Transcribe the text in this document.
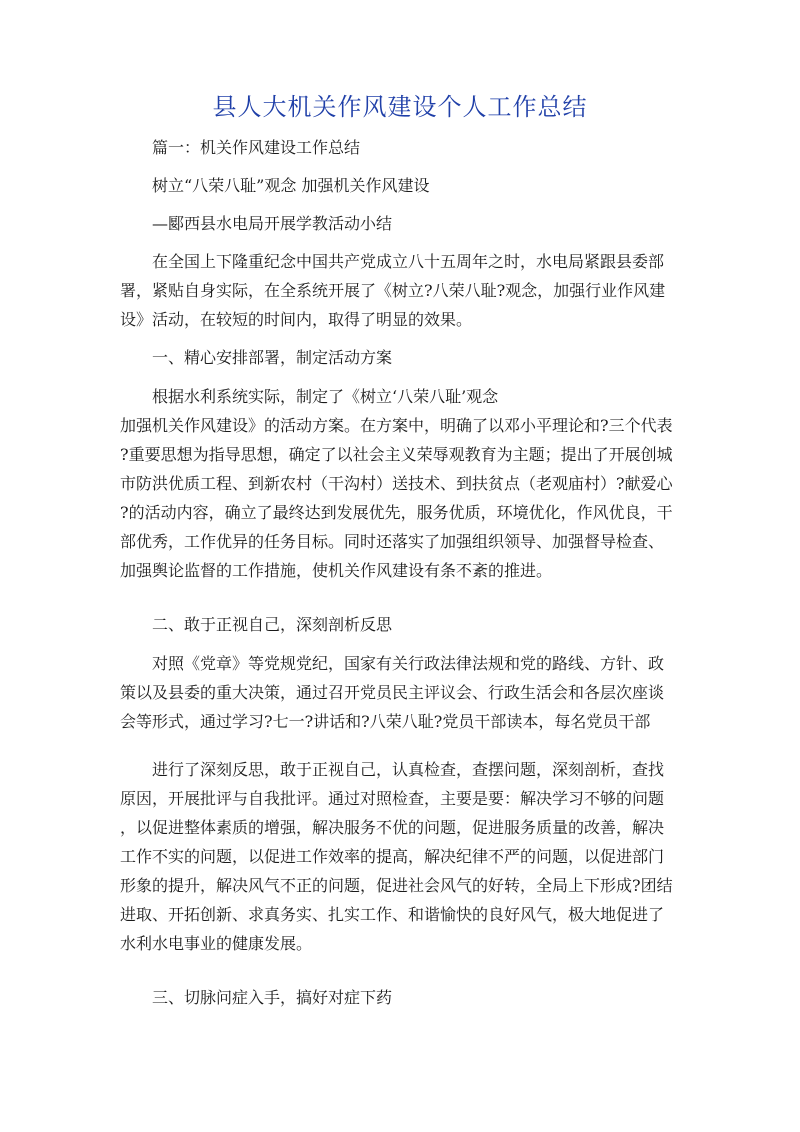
县人大机关作风建设个人工作总结

篇一：机关作风建设工作总结

树立“八荣八耻”观念 加强机关作风建设

—郾西县水电局开展学教活动小结

在全国上下隆重纪念中国共产党成立八十五周年之时，水电局紧跟县委部

署，紧贴自身实际，在全系统开展了《树立?八荣八耻?观念，加强行业作风建

设》活动，在较短的时间内，取得了明显的效果。

一、精心安排部署，制定活动方案

根据水利系统实际，制定了《树立‘八荣八耻’观念

加强机关作风建设》的活动方案。在方案中，明确了以邓小平理论和?三个代表

?重要思想为指导思想，确定了以社会主义荣辱观教育为主题；提出了开展创城

市防洪优质工程、到新农村（干沟村）送技术、到扶贫点（老观庙村）?献爱心

?的活动内容，确立了最终达到发展优先，服务优质，环境优化，作风优良，干

部优秀，工作优异的任务目标。同时还落实了加强组织领导、加强督导检查、

加强舆论监督的工作措施，使机关作风建设有条不紊的推进。

二、敢于正视自己，深刻剖析反思

对照《党章》等党规党纪，国家有关行政法律法规和党的路线、方针、政

策以及县委的重大决策，通过召开党员民主评议会、行政生活会和各层次座谈

会等形式，通过学习?七一?讲话和?八荣八耻?党员干部读本，每名党员干部

进行了深刻反思，敢于正视自己，认真检查，查摆问题，深刻剖析，查找

原因，开展批评与自我批评。通过对照检查，主要是要：解决学习不够的问题

，以促进整体素质的增强，解决服务不优的问题，促进服务质量的改善，解决

工作不实的问题，以促进工作效率的提高，解决纪律不严的问题，以促进部门

形象的提升，解决风气不正的问题，促进社会风气的好转，全局上下形成?团结

进取、开拓创新、求真务实、扎实工作、和谐愉快的良好风气，极大地促进了

水利水电事业的健康发展。

三、切脉问症入手，搞好对症下药
